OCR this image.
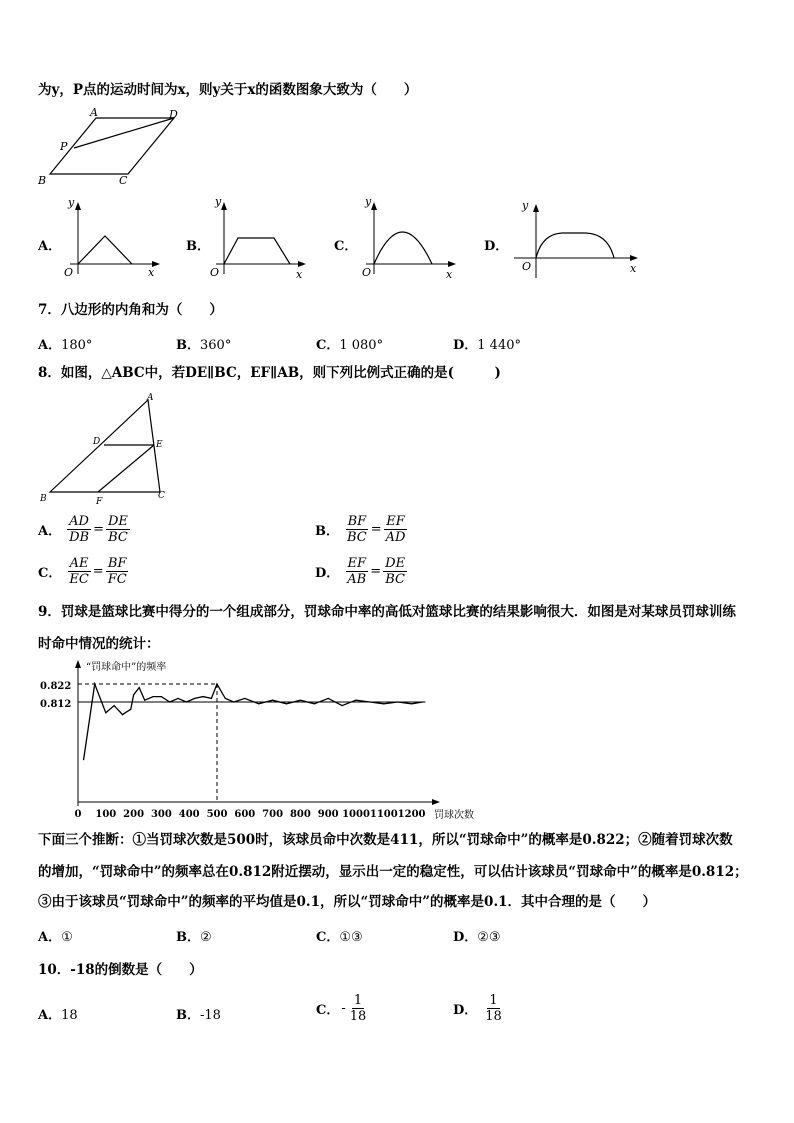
为y，P点的运动时间为x，则y关于x的函数图象大致为（　　）
A	D
P
B	C
A．
y
x
O
B．
y
x
O
C．
y
x
O
D．
y
x
O
7．八边形的内角和为（　　）
A．180°	B．360°	C．1 080°	D．1 440°
8．如图，△ABC中，若DE∥BC，EF∥AB，则下列比例式正确的是(　　　)
A
D	E
B	F
C
A． $\frac{AD}{DB} = \frac{DE}{BC}$	B． $\frac{BF}{BC} = \frac{EF}{AD}$
C． $\frac{AE}{EC} = \frac{BF}{FC}$	D． $\frac{EF}{AB} = \frac{DE}{BC}$
9．罚球是篮球比赛中得分的一个组成部分，罚球命中率的高低对篮球比赛的结果影响很大．如图是对某球员罚球训练
时命中情况的统计：
“罚球命中”的频率
罚球次数
0.822
0.812
0 100 200 300 400 500 600 700 800 900 1000 1100 1200
下面三个推断：①当罚球次数是500时，该球员命中次数是411，所以“罚球命中”的概率是0.822；②随着罚球次数
的增加，“罚球命中”的频率总在0.812附近摆动，显示出一定的稳定性，可以估计该球员“罚球命中”的概率是0.812；
③由于该球员“罚球命中”的频率的平均值是0.1，所以“罚球命中”的概率是0.1．其中合理的是（　　）
A．①	B．②	C．①③	D．②③
10．-18的倒数是（　　）
A．18	B．-18	C． - $\frac{1}{18}$	D． $\frac{1}{18}$
